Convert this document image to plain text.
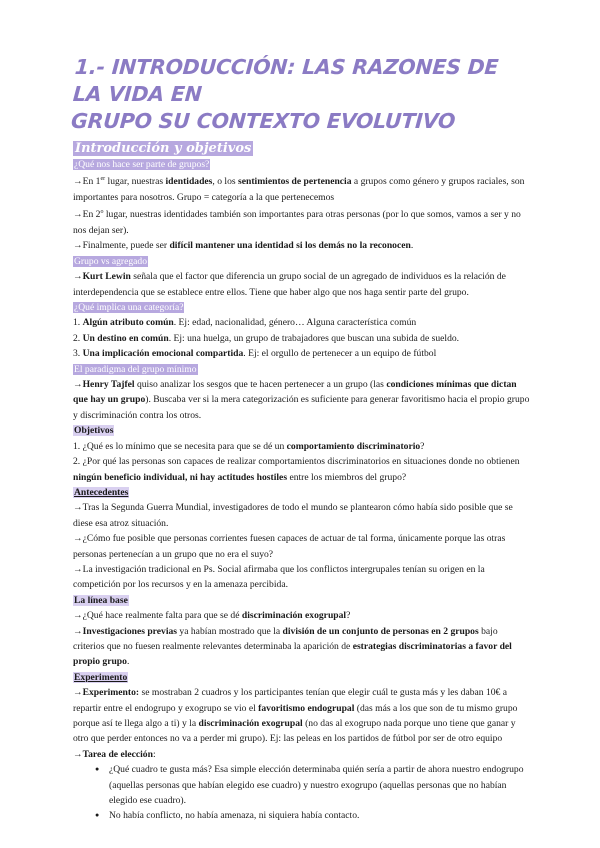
1.- INTRODUCCIÓN: LAS RAZONES DE LA VIDA EN
GRUPO SU CONTEXTO EVOLUTIVO
Introducción y objetivos

¿Qué nos hace ser parte de grupos?

→En 1er lugar, nuestras identidades, o los sentimientos de pertenencia a grupos como género y grupos raciales, son importantes para nosotros. Grupo = categoría a la que pertenecemos

→En 2$^o$ lugar, nuestras identidades también son importantes para otras personas (por lo que somos, vamos a ser y no nos dejan ser).

→Finalmente, puede ser difícil mantener una identidad si los demás no la reconocen.

Grupo vs agregado

→Kurt Lewin señala que el factor que diferencia un grupo social de un agregado de individuos es la relación de interdependencia que se establece entre ellos. Tiene que haber algo que nos haga sentir parte del grupo.

¿Qué implica una categoría?

1. Algún atributo común. Ej: edad, nacionalidad, género… Alguna característica común

2. Un destino en común. Ej: una huelga, un grupo de trabajadores que buscan una subida de sueldo.

3. Una implicación emocional compartida. Ej: el orgullo de pertenecer a un equipo de fútbol

El paradigma del grupo mínimo

→Henry Tajfel quiso analizar los sesgos que te hacen pertenecer a un grupo (las condiciones mínimas que dictan que hay un grupo). Buscaba ver si la mera categorización es suficiente para generar favoritismo hacia el propio grupo y discriminación contra los otros.

Objetivos

1. ¿Qué es lo mínimo que se necesita para que se dé un comportamiento discriminatorio?

2. ¿Por qué las personas son capaces de realizar comportamientos discriminatorios en situaciones donde no obtienen ningún beneficio individual, ni hay actitudes hostiles entre los miembros del grupo?

Antecedentes

→Tras la Segunda Guerra Mundial, investigadores de todo el mundo se plantearon cómo había sido posible que se diese esa atroz situación.

→¿Cómo fue posible que personas corrientes fuesen capaces de actuar de tal forma, únicamente porque las otras personas pertenecían a un grupo que no era el suyo?

→La investigación tradicional en Ps. Social afirmaba que los conflictos intergrupales tenían su origen en la competición por los recursos y en la amenaza percibida.

La línea base

→¿Qué hace realmente falta para que se dé discriminación exogrupal?

→Investigaciones previas ya habían mostrado que la división de un conjunto de personas en 2 grupos bajo criterios que no fuesen realmente relevantes determinaba la aparición de estrategias discriminatorias a favor del propio grupo.

Experimento

→Experimento: se mostraban 2 cuadros y los participantes tenían que elegir cuál te gusta más y les daban 10€ a repartir entre el endogrupo y exogrupo se vio el favoritismo endogrupal (das más a los que son de tu mismo grupo porque así te llega algo a ti) y la discriminación exogrupal (no das al exogrupo nada porque uno tiene que ganar y otro que perder entonces no va a perder mi grupo). Ej: las peleas en los partidos de fútbol por ser de otro equipo

→Tarea de elección:

● ¿Qué cuadro te gusta más? Esa simple elección determinaba quién sería a partir de ahora nuestro endogrupo (aquellas personas que habían elegido ese cuadro) y nuestro exogrupo (aquellas personas que no habían elegido ese cuadro).
● No había conflicto, no había amenaza, ni siquiera había contacto.
